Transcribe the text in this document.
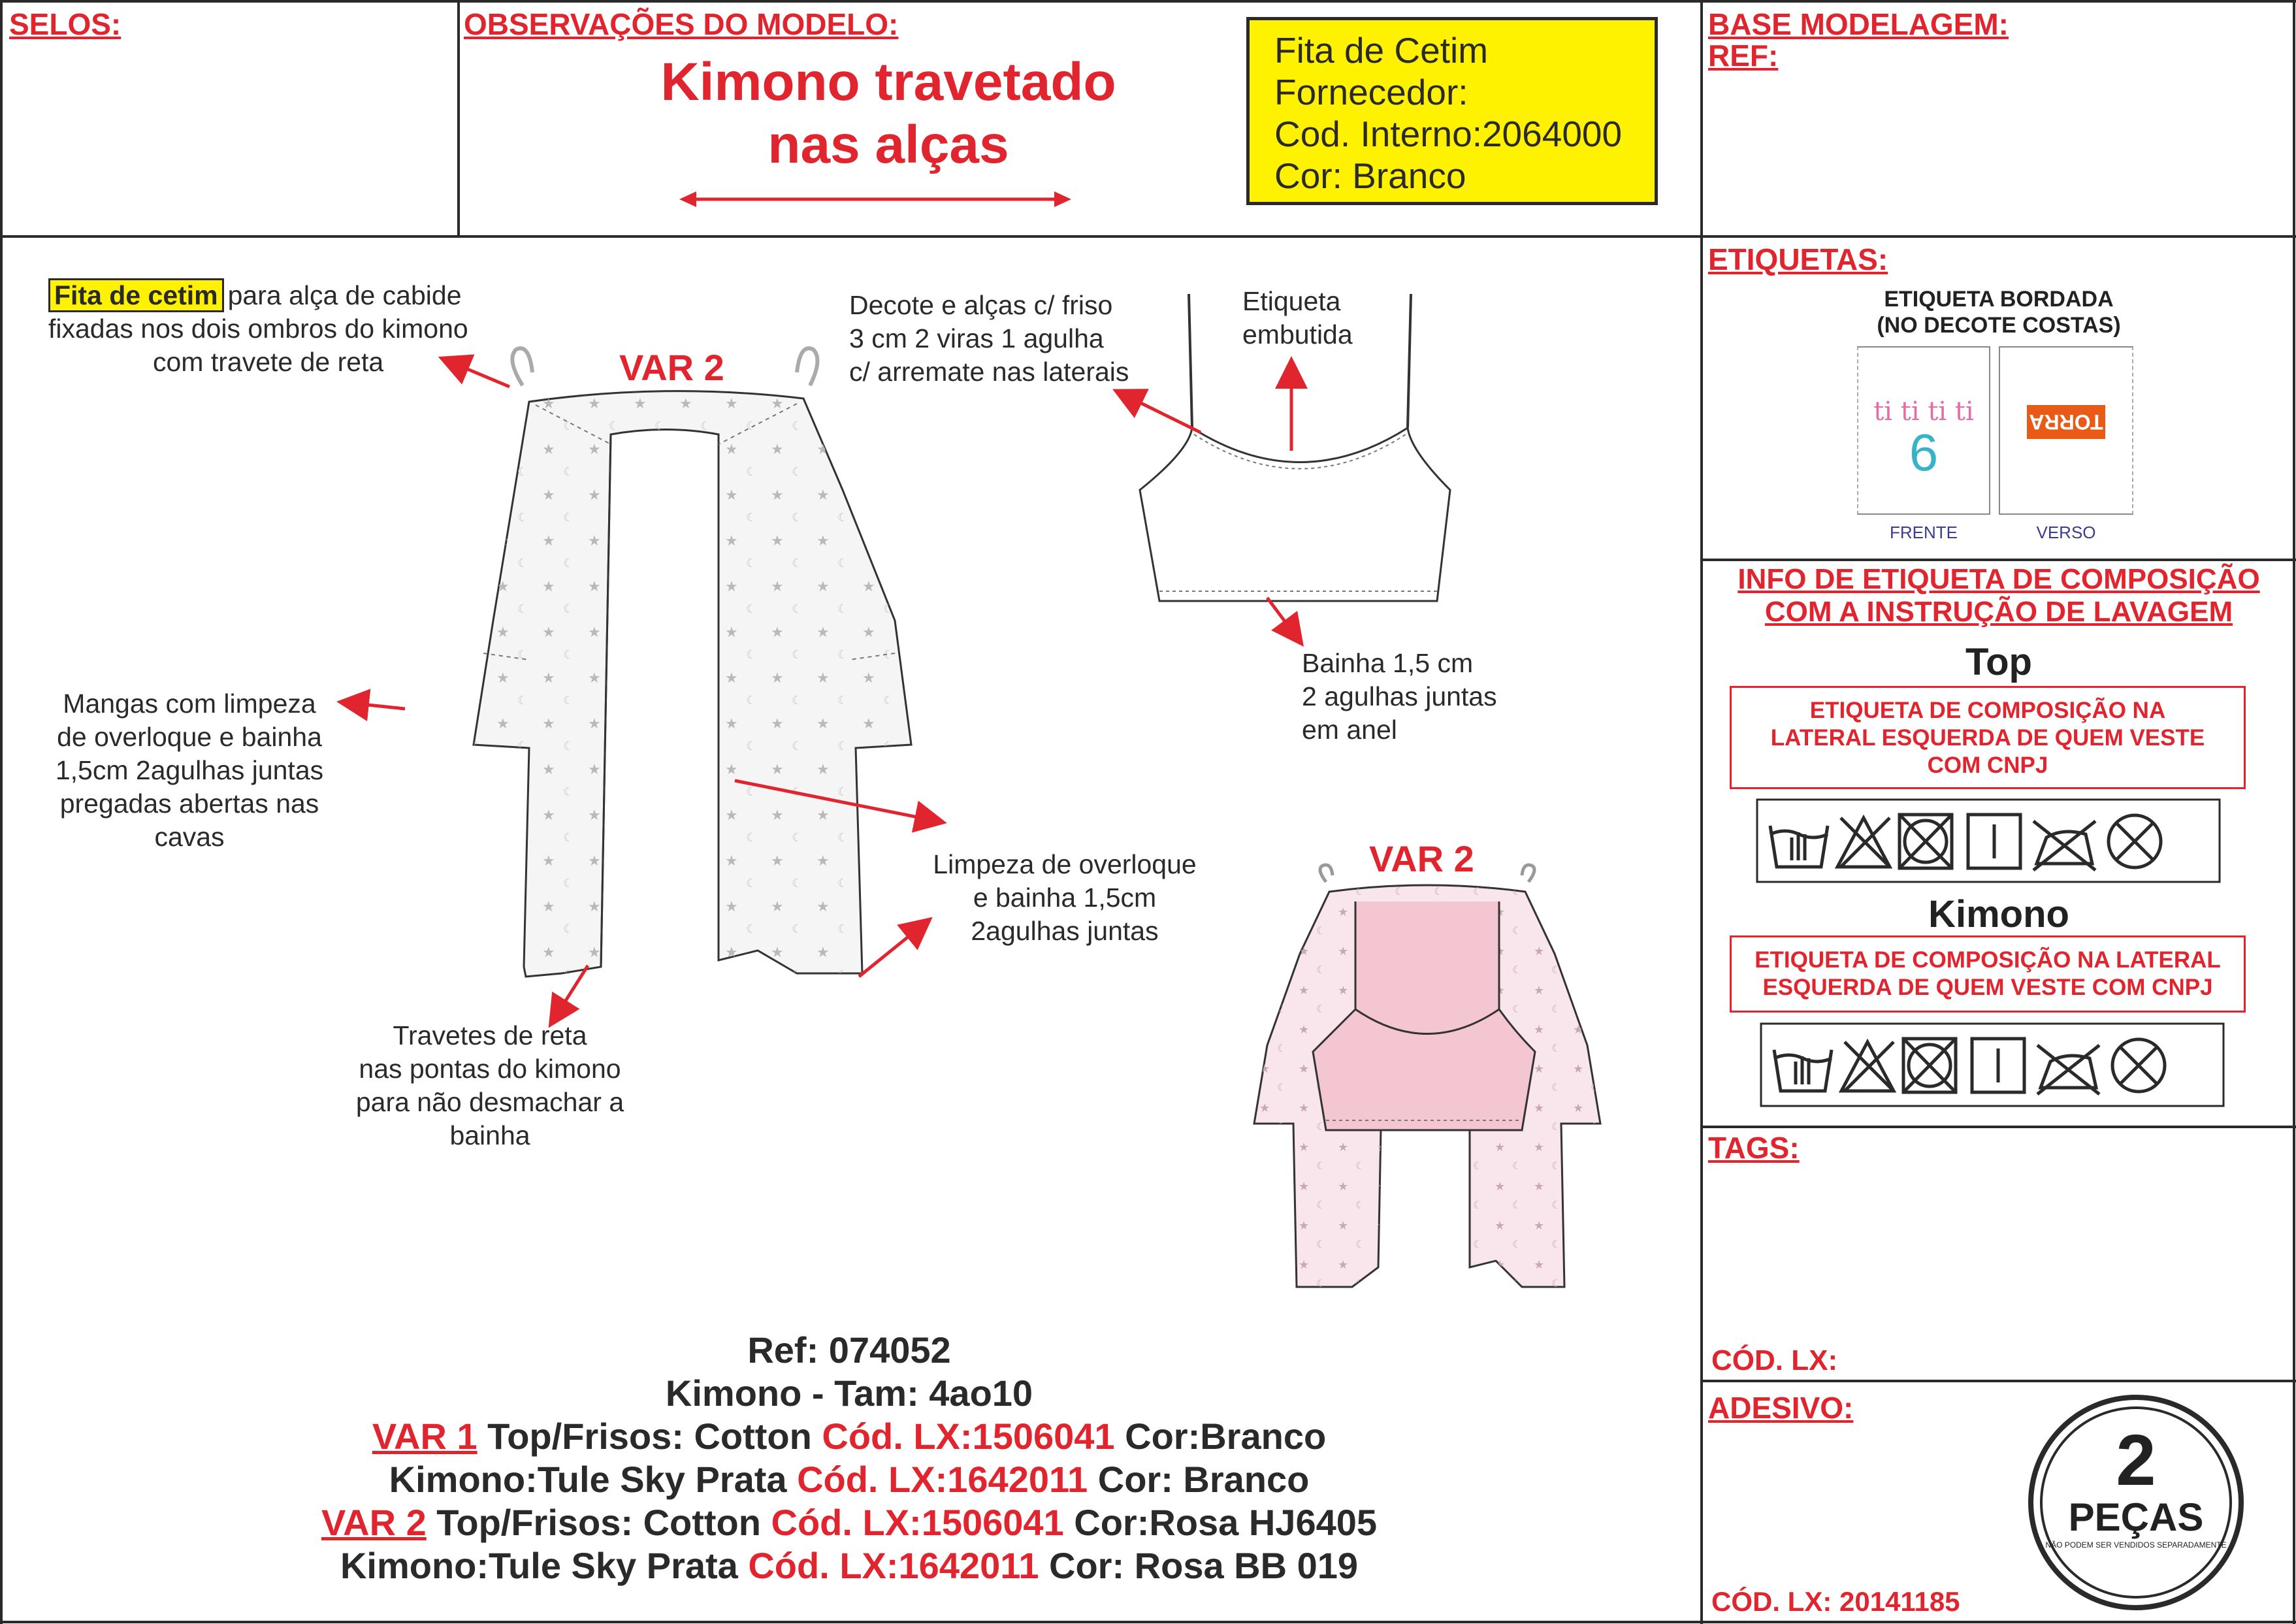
SELOS:	OBSERVAÇÕES DO MODELO:
Kimono travetado
nas alças
Fita de Cetim
Fornecedor:
Cod. Interno:2064000
Cor: Branco
BASE MODELAGEM:
REF:
VAR 2
VAR 2
Fita de cetim para alça de cabide
fixadas nos dois ombros do kimono
com travete de reta
Decote e alças c/ friso
3 cm 2 viras 1 agulha
c/ arremate nas laterais
Etiqueta
embutida
Mangas com limpeza
de overloque e bainha
1,5cm 2agulhas juntas
pregadas abertas nas
cavas
Bainha 1,5 cm
2 agulhas juntas
em anel
Limpeza de overloque
e bainha 1,5cm
2agulhas juntas
Travetes de reta
nas pontas do kimono
para não desmachar a
bainha
Ref: 074052
Kimono - Tam: 4ao10
VAR 1 Top/Frisos: Cotton Cód. LX:1506041 Cor:Branco
Kimono:Tule Sky Prata Cód. LX:1642011 Cor: Branco
VAR 2 Top/Frisos: Cotton Cód. LX:1506041 Cor:Rosa HJ6405
Kimono:Tule Sky Prata Cód. LX:1642011 Cor: Rosa BB 019
ETIQUETAS:
ETIQUETA BORDADA
(NO DECOTE COSTAS)
ti ti ti ti
6
TORRA
FRENTE	VERSO
INFO DE ETIQUETA DE COMPOSIÇÃO
COM A INSTRUÇÃO DE LAVAGEM
Top
ETIQUETA DE COMPOSIÇÃO NA
LATERAL ESQUERDA DE QUEM VESTE
COM CNPJ
Kimono
ETIQUETA DE COMPOSIÇÃO NA LATERAL
ESQUERDA DE QUEM VESTE COM CNPJ
TAGS:
CÓD. LX:
ADESIVO:
2
PEÇAS
NÃO PODEM SER VENDIDOS SEPARADAMENTE
CÓD. LX: 20141185
